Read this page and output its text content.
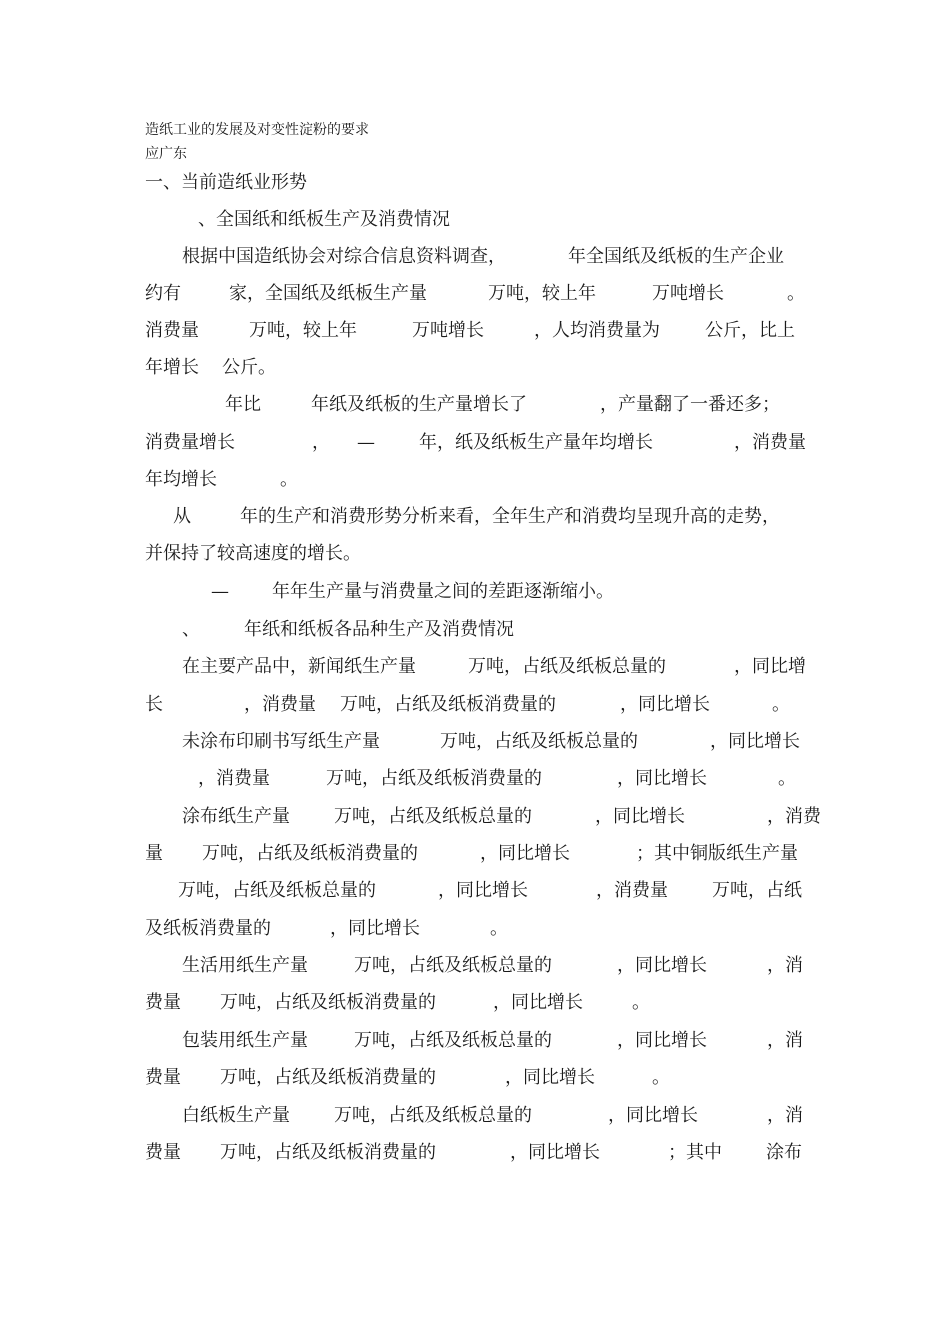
造纸工业的发展及对变性淀粉的要求
应广东
一、当前造纸业形势
、全国纸和纸板生产及消费情况
根据中国造纸协会对综合信息资料调查，	年全国纸及纸板的生产企业
约有	家，全国纸及纸板生产量	万吨，较上年	万吨增长	。
消费量	万吨，较上年	万吨增长	，人均消费量为	公斤，比上
年增长 公斤。
年比	年纸及纸板的生产量增长了	，产量翻了一番还多；
消费量增长	， — 年，纸及纸板生产量年均增长	，消费量
年均增长	。
从	年的生产和消费形势分析来看，全年生产和消费均呈现升高的走势，
并保持了较高速度的增长。
— 年年生产量与消费量之间的差距逐渐缩小。
、 年纸和纸板各品种生产及消费情况
在主要产品中，新闻纸生产量	万吨，占纸及纸板总量的	，同比增
长	，消费量 万吨，占纸及纸板消费量的	，同比增长	。
未涂布印刷书写纸生产量	万吨，占纸及纸板总量的	，同比增长
，消费量	万吨，占纸及纸板消费量的	，同比增长	。
涂布纸生产量 万吨，占纸及纸板总量的	，同比增长	，消费
量 万吨，占纸及纸板消费量的	，同比增长	；其中铜版纸生产量
万吨，占纸及纸板总量的	，同比增长	，消费量 万吨，占纸
及纸板消费量的	，同比增长	。
生活用纸生产量	万吨，占纸及纸板总量的	，同比增长	，消
费量 万吨，占纸及纸板消费量的	，同比增长	。
包装用纸生产量	万吨，占纸及纸板总量的	，同比增长	，消
费量 万吨，占纸及纸板消费量的	，同比增长	。
白纸板生产量 万吨，占纸及纸板总量的	，同比增长	，消
费量 万吨，占纸及纸板消费量的	，同比增长	；其中 涂布
